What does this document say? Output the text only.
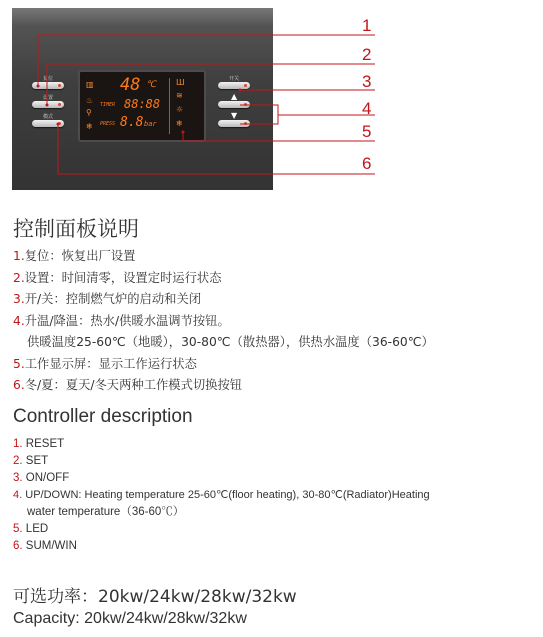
复位
设置
模式
▥
♨
⚲
❄
48 ℃
TIMER 88:88
PRESS 8.8 bar
Ш
≋
☼
❄
开关
▲
▼
1
2
3
4
5
6
控制面板说明
1.复位：恢复出厂设置
2.设置：时间清零，设置定时运行状态
3.开/关：控制燃气炉的启动和关闭
4.升温/降温：热水/供暖水温调节按钮。
供暖温度25-60℃（地暖），30-80℃（散热器），供热水温度（36-60℃）
5.工作显示屏：显示工作运行状态
6.冬/夏：夏天/冬天两种工作模式切换按钮
Controller description
1. RESET
2. SET
3. ON/OFF
4. UP/DOWN: Heating temperature 25-60℃(floor heating), 30-80℃(Radiator)Heating
water temperature（36-60℃）
5. LED
6. SUM/WIN
可选功率：20kw/24kw/28kw/32kw
Capacity: 20kw/24kw/28kw/32kw
